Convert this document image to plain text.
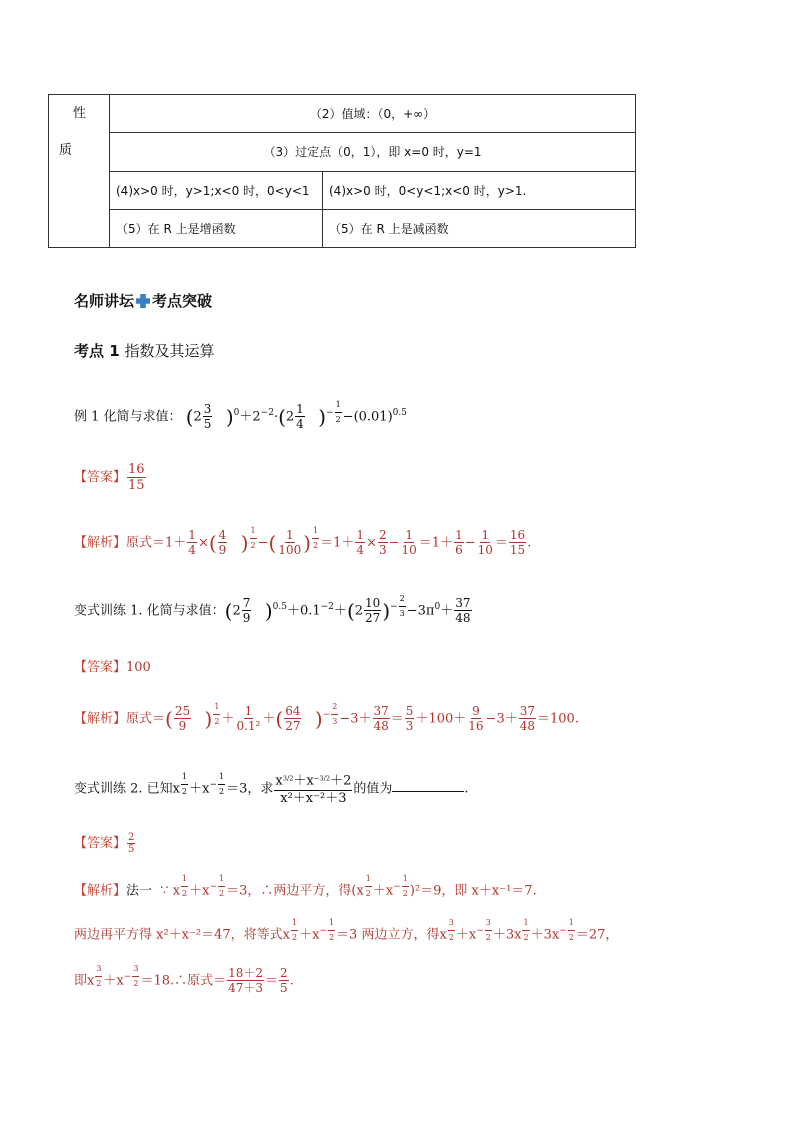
性
质	（2）值域：（0，+∞）	
	（3）过定点（0，1），即 x=0 时，y=1	
	(4)x>0 时，y>1;x<0 时，0<y<1	(4)x>0 时，0<y<1;x<0 时，y>1.
	（5）在 R 上是增函数	（5）在 R 上是减函数
名师讲坛 考点突破
考点 1 指数及其运算
例 1 化简与求值： $(2 \frac{3}{5} )^0+2^{-2}\cdot(2 \frac{1}{4} )^{- \frac{1}{2}} -(0.01)^{0.5}$
【答案】 $\frac{16}{15}$
【解析】原式$=1+ \frac{1}{4}$ ×( $\frac{4}{9}$ ) $^{\frac{1}{2}}$ −( $\frac{1}{100}$ ) $^{\frac{1}{2}} =1+ \frac{1}{4} \times \frac{2}{3} - \frac{1}{10} =1+ \frac{1}{6} - \frac{1}{10} = \frac{16}{15}$ .
变式训练 1. 化简与求值：$(2 \frac{7}{9} )^{0.5}+0.1^{-2}+(2 \frac{10}{27} )^{- \frac{2}{3}} -3\pi^0+ \frac{37}{48}$
【答案】100
【解析】原式＝( $\frac{25}{9}$ ) $^{\frac{1}{2}} + \frac{1}{\text{0.1²}}$ ＋( $\frac{64}{27} )^{- \frac{2}{3}} -3+ \frac{37}{48} = \frac{5}{3} +100+ \frac{9}{16} -3+ \frac{37}{48} =100$.
变式训练 2. 已知x $^{\frac{1}{2}} +x^{- \frac{1}{2}} =3$，求 $\frac{x^{3/2}+x^{-3/2}+2}{\text{x²＋x⁻²＋3}}$ 的值为	.
【答案】 $\frac{2}{5}$
【解析】法一  ∵ x $^{\frac{1}{2}} +x^{- \frac{1}{2}} =3$，∴两边平方，得(x $^{\frac{1}{2}} +x^{- \frac{1}{2}}$ )²＝9，即 x＋x⁻¹＝7.
两边再平方得 x²＋x⁻²＝47，将等式x $^{\frac{1}{2}} +x^{- \frac{1}{2}} =3$ 两边立方，得x $^{\frac{3}{2}} +x^{- \frac{3}{2}} +3x$ $^{\frac{1}{2}} +3x^{- \frac{1}{2}} =27$，
即x $^{\frac{3}{2}} +x^{- \frac{3}{2}}$ ＝18.∴原式＝ $\frac{18+2}{47+3} = \frac{2}{5}$ .
